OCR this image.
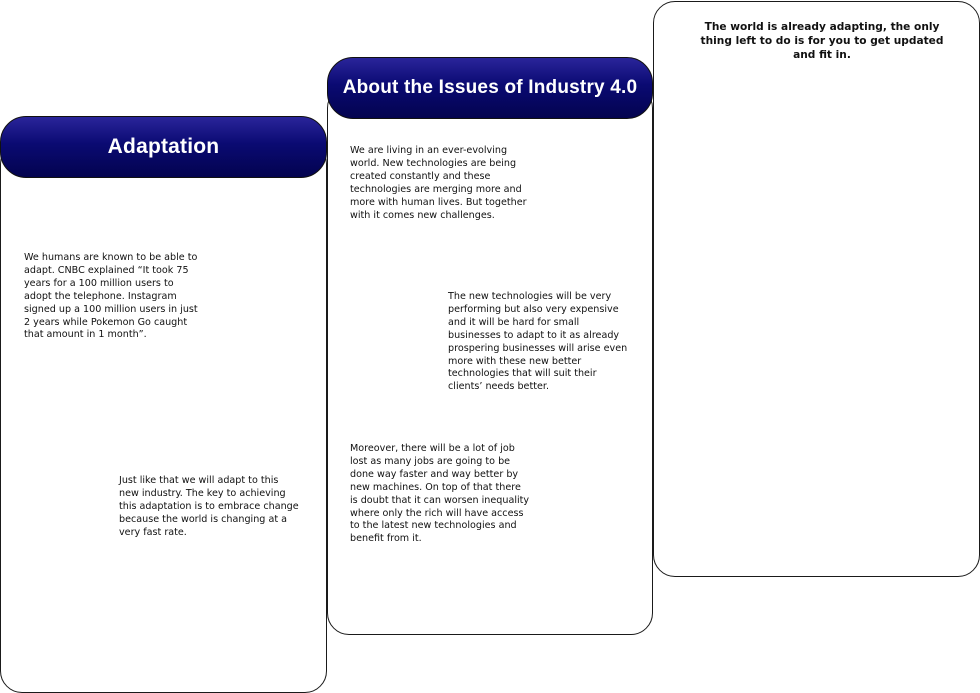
Adaptation
About the Issues of Industry 4.0
We humans are known to be able to adapt. CNBC explained “It took 75 years for a 100 million users to adopt the telephone. Instagram signed up a 100 million users in just 2 years while Pokemon Go caught that amount in 1 month”.
Just like that we will adapt to this new industry. The key to achieving this adaptation is to embrace change because the world is changing at a very fast rate.
We are living in an ever-evolving world. New technologies are being created constantly and these technologies are merging more and more with human lives. But together with it comes new challenges.
The new technologies will be very performing but also very expensive and it will be hard for small businesses to adapt to it as already prospering businesses will arise even more with these new better technologies that will suit their clients’ needs better.
Moreover, there will be a lot of job lost as many jobs are going to be done way faster and way better by new machines. On top of that there is doubt that it can worsen inequality where only the rich will have access to the latest new technologies and benefit from it.
The world is already adapting, the only thing left to do is for you to get updated and fit in.
